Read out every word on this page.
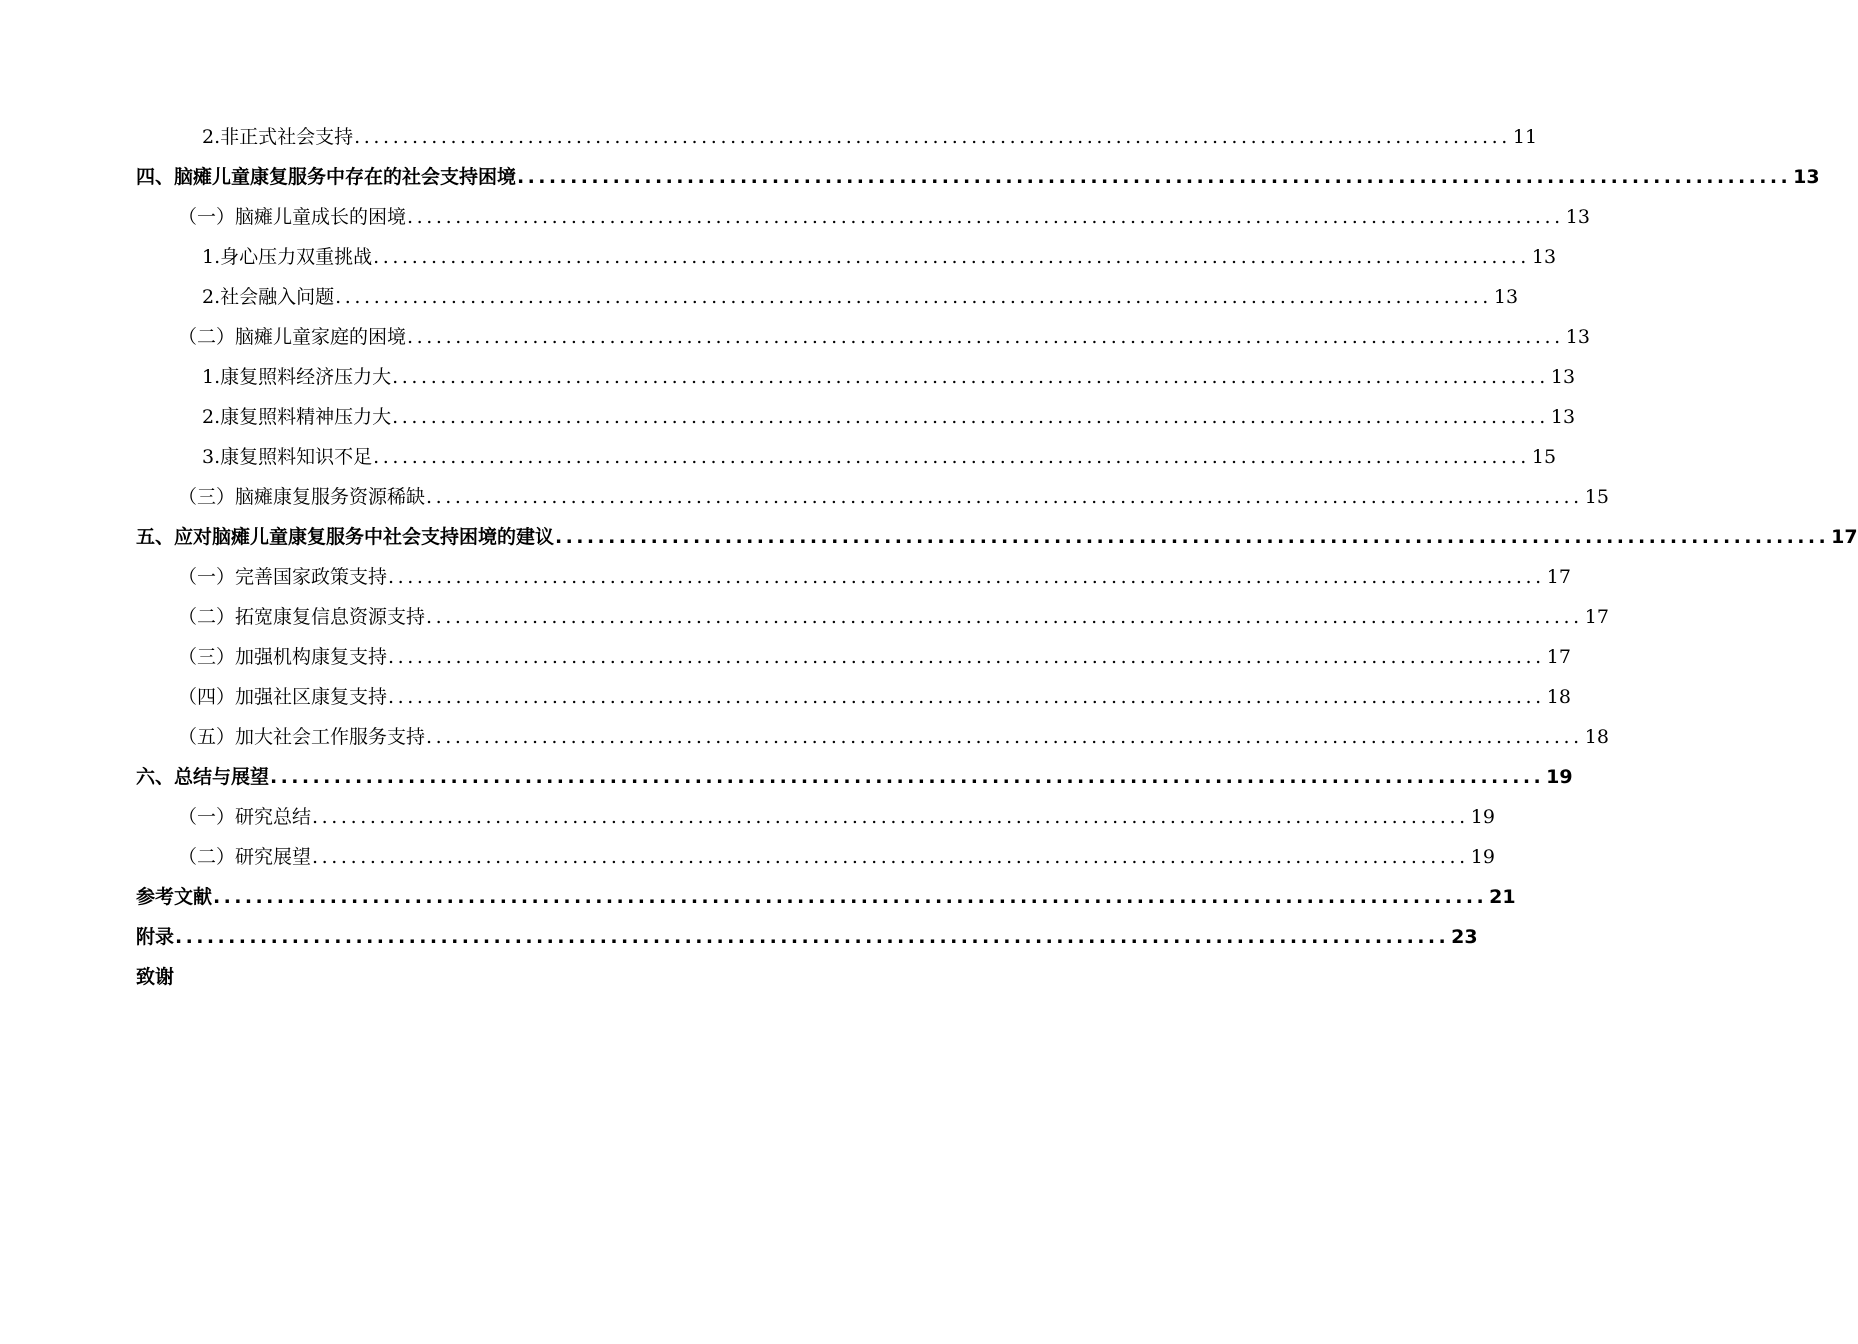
2.非正式社会支持 ........................................................................................................................ 11
四、脑瘫儿童康复服务中存在的社会支持困境 ........................................................................................................................ 13
（一）脑瘫儿童成长的困境 ........................................................................................................................ 13
1.身心压力双重挑战 ........................................................................................................................ 13
2.社会融入问题 ........................................................................................................................ 13
（二）脑瘫儿童家庭的困境 ........................................................................................................................ 13
1.康复照料经济压力大 ........................................................................................................................ 13
2.康复照料精神压力大 ........................................................................................................................ 13
3.康复照料知识不足 ........................................................................................................................ 15
（三）脑瘫康复服务资源稀缺 ........................................................................................................................ 15
五、应对脑瘫儿童康复服务中社会支持困境的建议 ........................................................................................................................ 17
（一）完善国家政策支持 ........................................................................................................................ 17
（二）拓宽康复信息资源支持 ........................................................................................................................ 17
（三）加强机构康复支持 ........................................................................................................................ 17
（四）加强社区康复支持 ........................................................................................................................ 18
（五）加大社会工作服务支持 ........................................................................................................................ 18
六、总结与展望 ........................................................................................................................ 19
（一）研究总结 ........................................................................................................................ 19
（二）研究展望 ........................................................................................................................ 19
参考文献 ........................................................................................................................ 21
附录 ........................................................................................................................ 23
致谢
